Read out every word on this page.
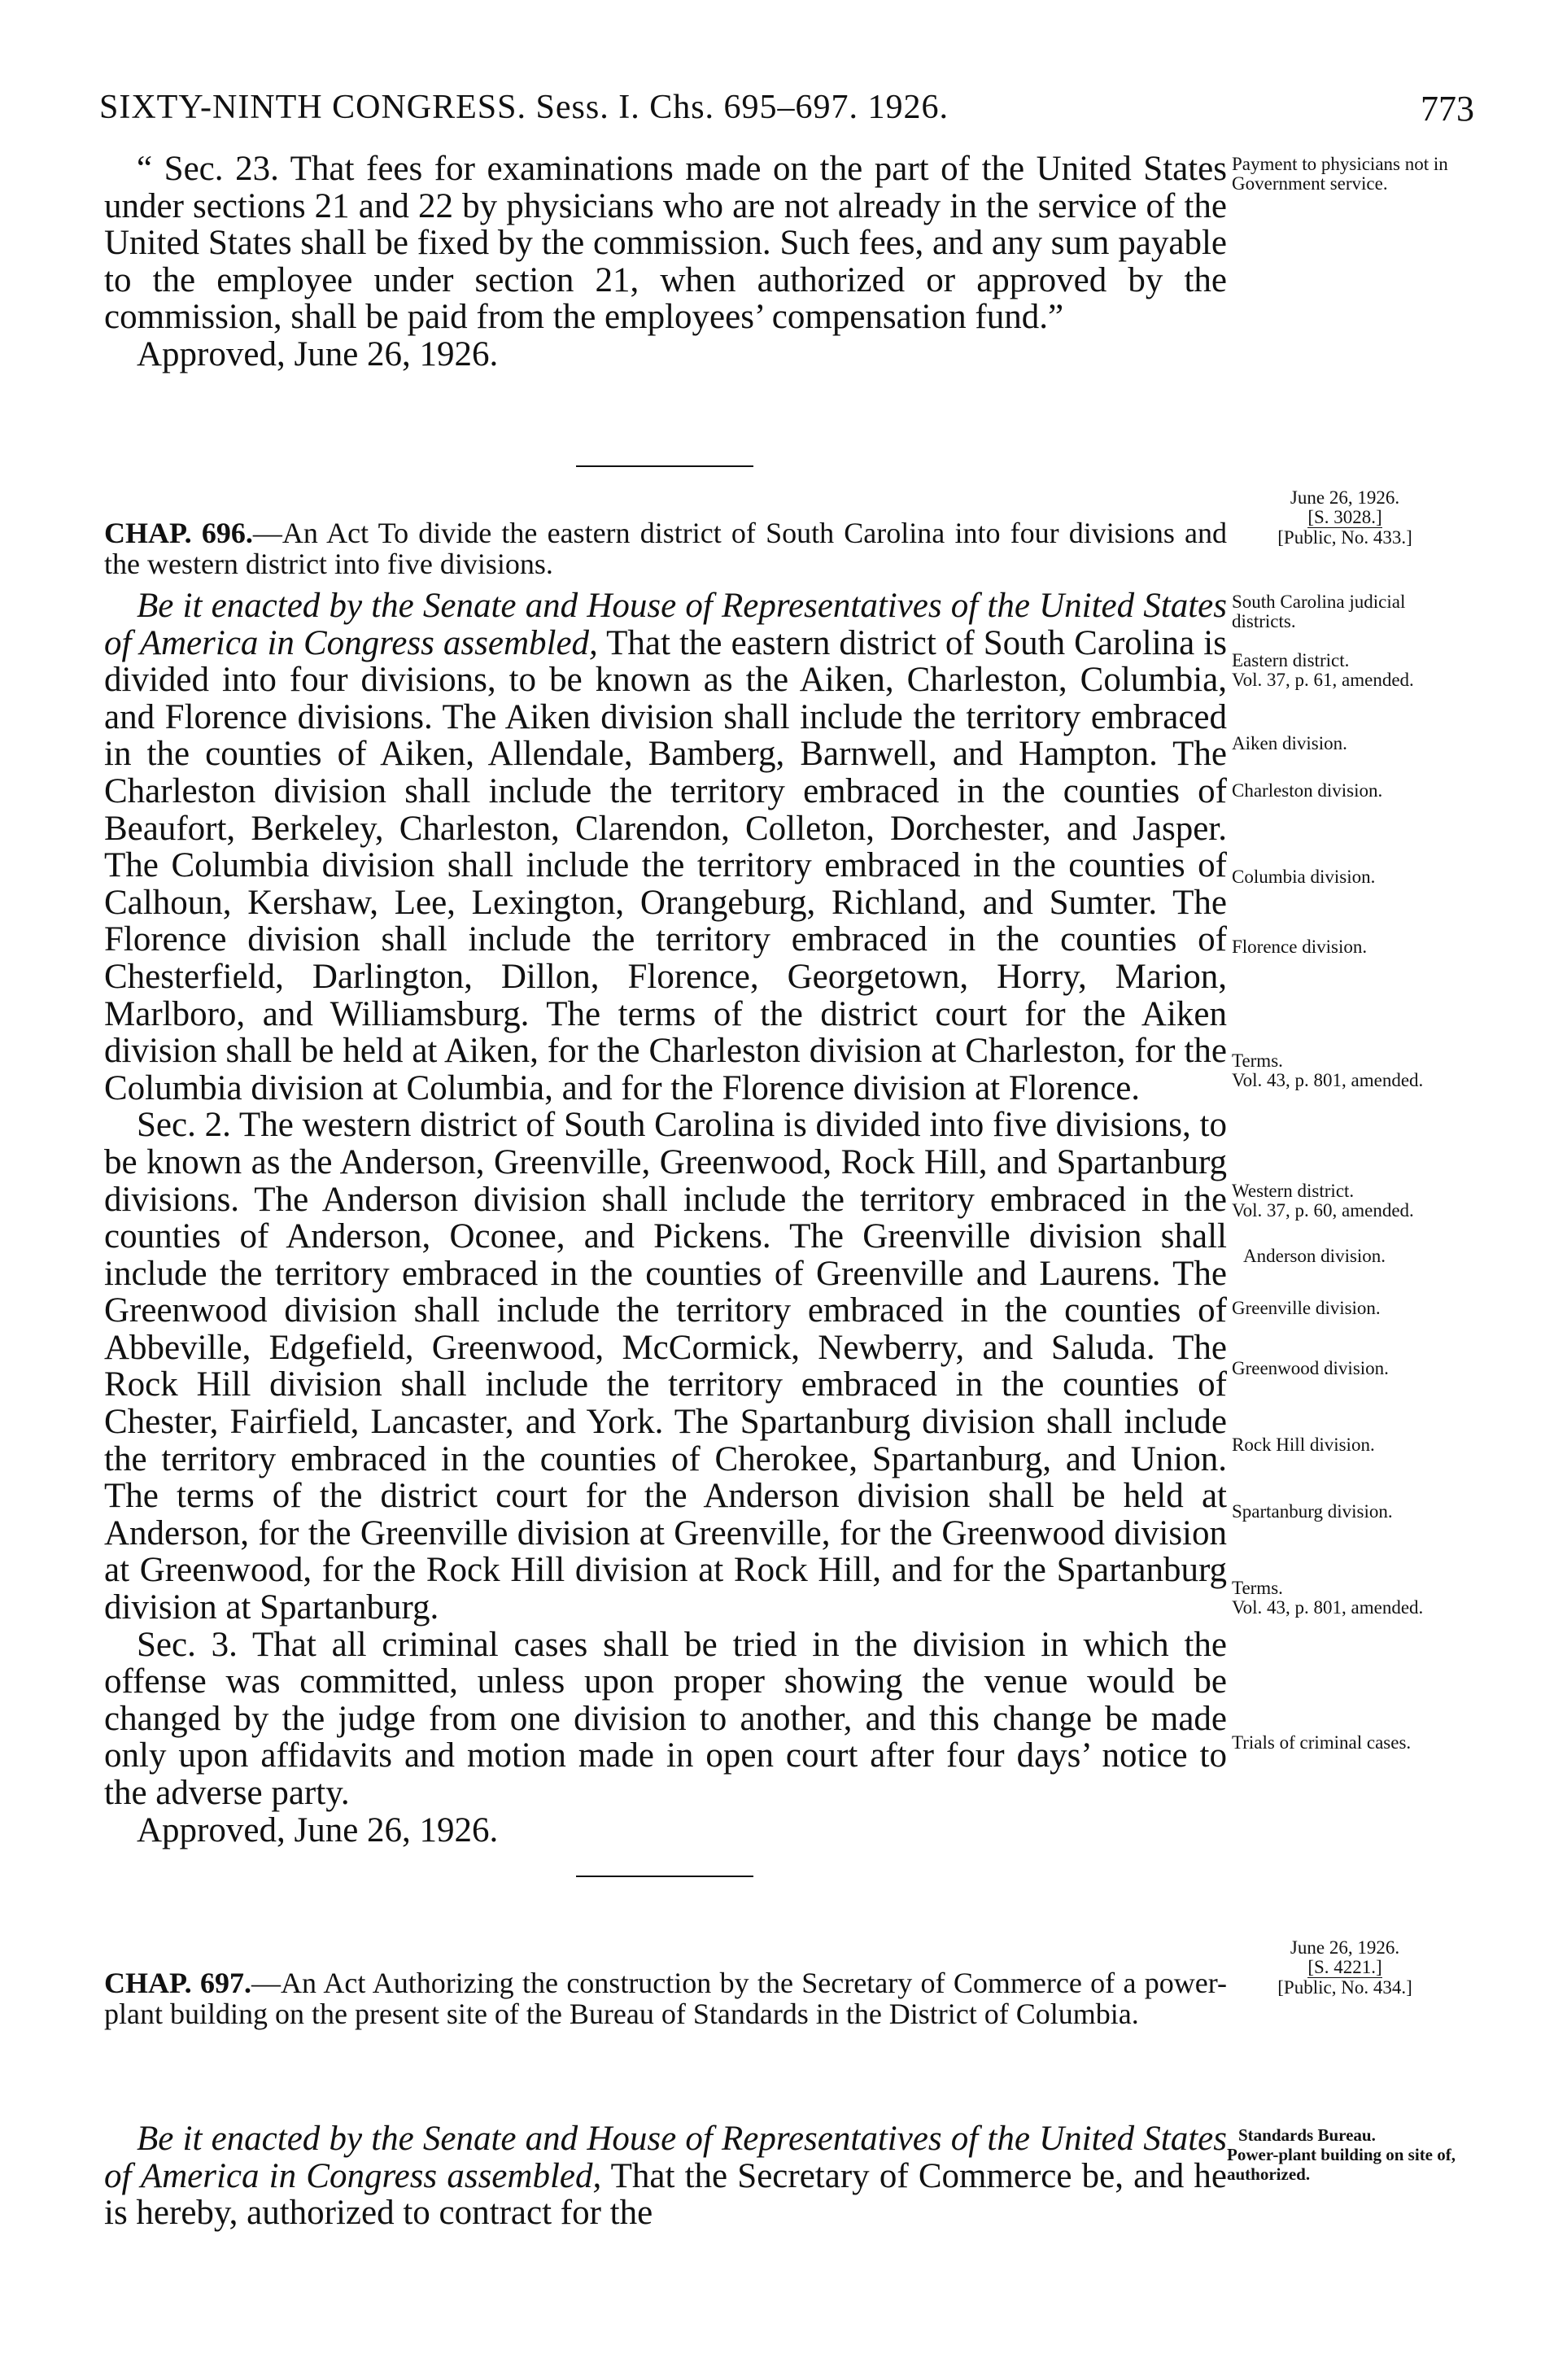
SIXTY-NINTH CONGRESS. Sess. I. Chs. 695–697. 1926.	773

“ Sec. 23. That fees for examinations made on the part of the United States under sections 21 and 22 by physicians who are not already in the service of the United States shall be fixed by the commission. Such fees, and any sum payable to the employee under section 21, when authorized or approved by the commission, shall be paid from the employees’ compensation fund.”

Approved, June 26, 1926.

CHAP. 696.—An Act To divide the eastern district of South Carolina into four divisions and the western district into five divisions.

June 26, 1926.
[S. 3028.]
[Public, No. 433.]

Be it enacted by the Senate and House of Representatives of the United States of America in Congress assembled, That the eastern district of South Carolina is divided into four divisions, to be known as the Aiken, Charleston, Columbia, and Florence divisions. The Aiken division shall include the territory embraced in the counties of Aiken, Allendale, Bamberg, Barnwell, and Hampton. The Charleston division shall include the territory embraced in the counties of Beaufort, Berkeley, Charleston, Clarendon, Colleton, Dorchester, and Jasper. The Columbia division shall include the territory embraced in the counties of Calhoun, Kershaw, Lee, Lexington, Orangeburg, Richland, and Sumter. The Florence division shall include the territory embraced in the counties of Chesterfield, Darlington, Dillon, Florence, Georgetown, Horry, Marion, Marlboro, and Williamsburg. The terms of the district court for the Aiken division shall be held at Aiken, for the Charleston division at Charleston, for the Columbia division at Columbia, and for the Florence division at Florence.

Sec. 2. The western district of South Carolina is divided into five divisions, to be known as the Anderson, Greenville, Greenwood, Rock Hill, and Spartanburg divisions. The Anderson division shall include the territory embraced in the counties of Anderson, Oconee, and Pickens. The Greenville division shall include the territory embraced in the counties of Greenville and Laurens. The Greenwood division shall include the territory embraced in the counties of Abbeville, Edgefield, Greenwood, McCormick, Newberry, and Saluda. The Rock Hill division shall include the territory embraced in the counties of Chester, Fairfield, Lancaster, and York. The Spartanburg division shall include the territory embraced in the counties of Cherokee, Spartanburg, and Union. The terms of the district court for the Anderson division shall be held at Anderson, for the Greenville division at Greenville, for the Greenwood division at Greenwood, for the Rock Hill division at Rock Hill, and for the Spartanburg division at Spartanburg.

Sec. 3. That all criminal cases shall be tried in the division in which the offense was committed, unless upon proper showing the venue would be changed by the judge from one division to another, and this change be made only upon affidavits and motion made in open court after four days’ notice to the adverse party.

Approved, June 26, 1926.

CHAP. 697.—An Act Authorizing the construction by the Secretary of Commerce of a power-plant building on the present site of the Bureau of Standards in the District of Columbia.

June 26, 1926.
[S. 4221.]
[Public, No. 434.]

Be it enacted by the Senate and House of Representatives of the United States of America in Congress assembled, That the Secretary of Commerce be, and he is hereby, authorized to contract for the

Payment to physicians not in Government service.
South Carolina judicial districts.
Eastern district.
Vol. 37, p. 61, amended.
Aiken division.
Charleston division.
Columbia division.
Florence division.
Terms.
Vol. 43, p. 801, amended.
Western district.
Vol. 37, p. 60, amended.
Anderson division.
Greenville division.
Greenwood division.
Rock Hill division.
Spartanburg division.
Terms.
Vol. 43, p. 801, amended.
Trials of criminal cases.
Standards Bureau.
Power-plant building on site of, authorized.
